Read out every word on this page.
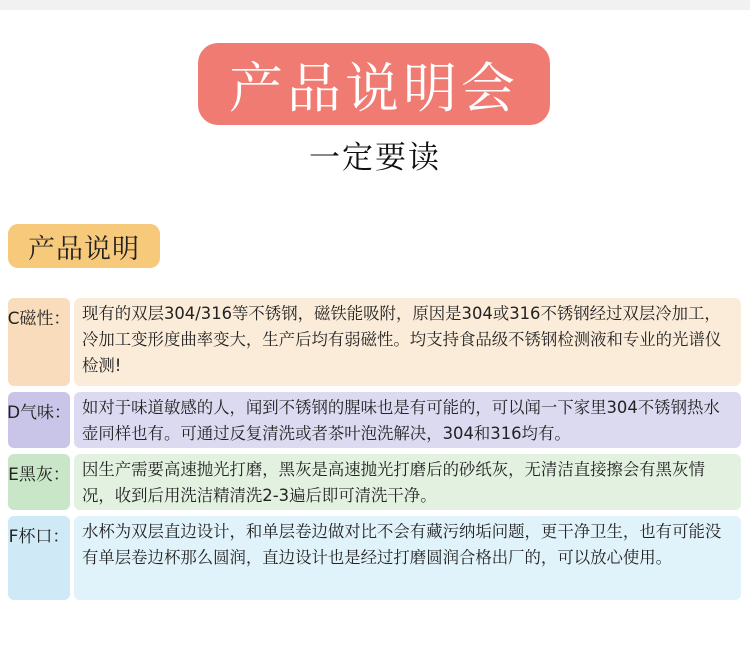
产品说明会
一定要读
产品说明
C磁性： 现有的双层304/316等不锈钢，磁铁能吸附，原因是304或316不锈钢经过双层冷加工，冷加工变形度曲率变大，生产后均有弱磁性。均支持食品级不锈钢检测液和专业的光谱仪检测!
D气味： 如对于味道敏感的人，闻到不锈钢的腥味也是有可能的，可以闻一下家里304不锈钢热水壶同样也有。可通过反复清洗或者茶叶泡洗解决，304和316均有。
E黑灰： 因生产需要高速抛光打磨，黑灰是高速抛光打磨后的砂纸灰，无清洁直接擦会有黑灰情况，收到后用洗洁精清洗2-3遍后即可清洗干净。
F杯口： 水杯为双层直边设计，和单层卷边做对比不会有藏污纳垢问题，更干净卫生，也有可能没有单层卷边杯那么圆润，直边设计也是经过打磨圆润合格出厂的，可以放心使用。
